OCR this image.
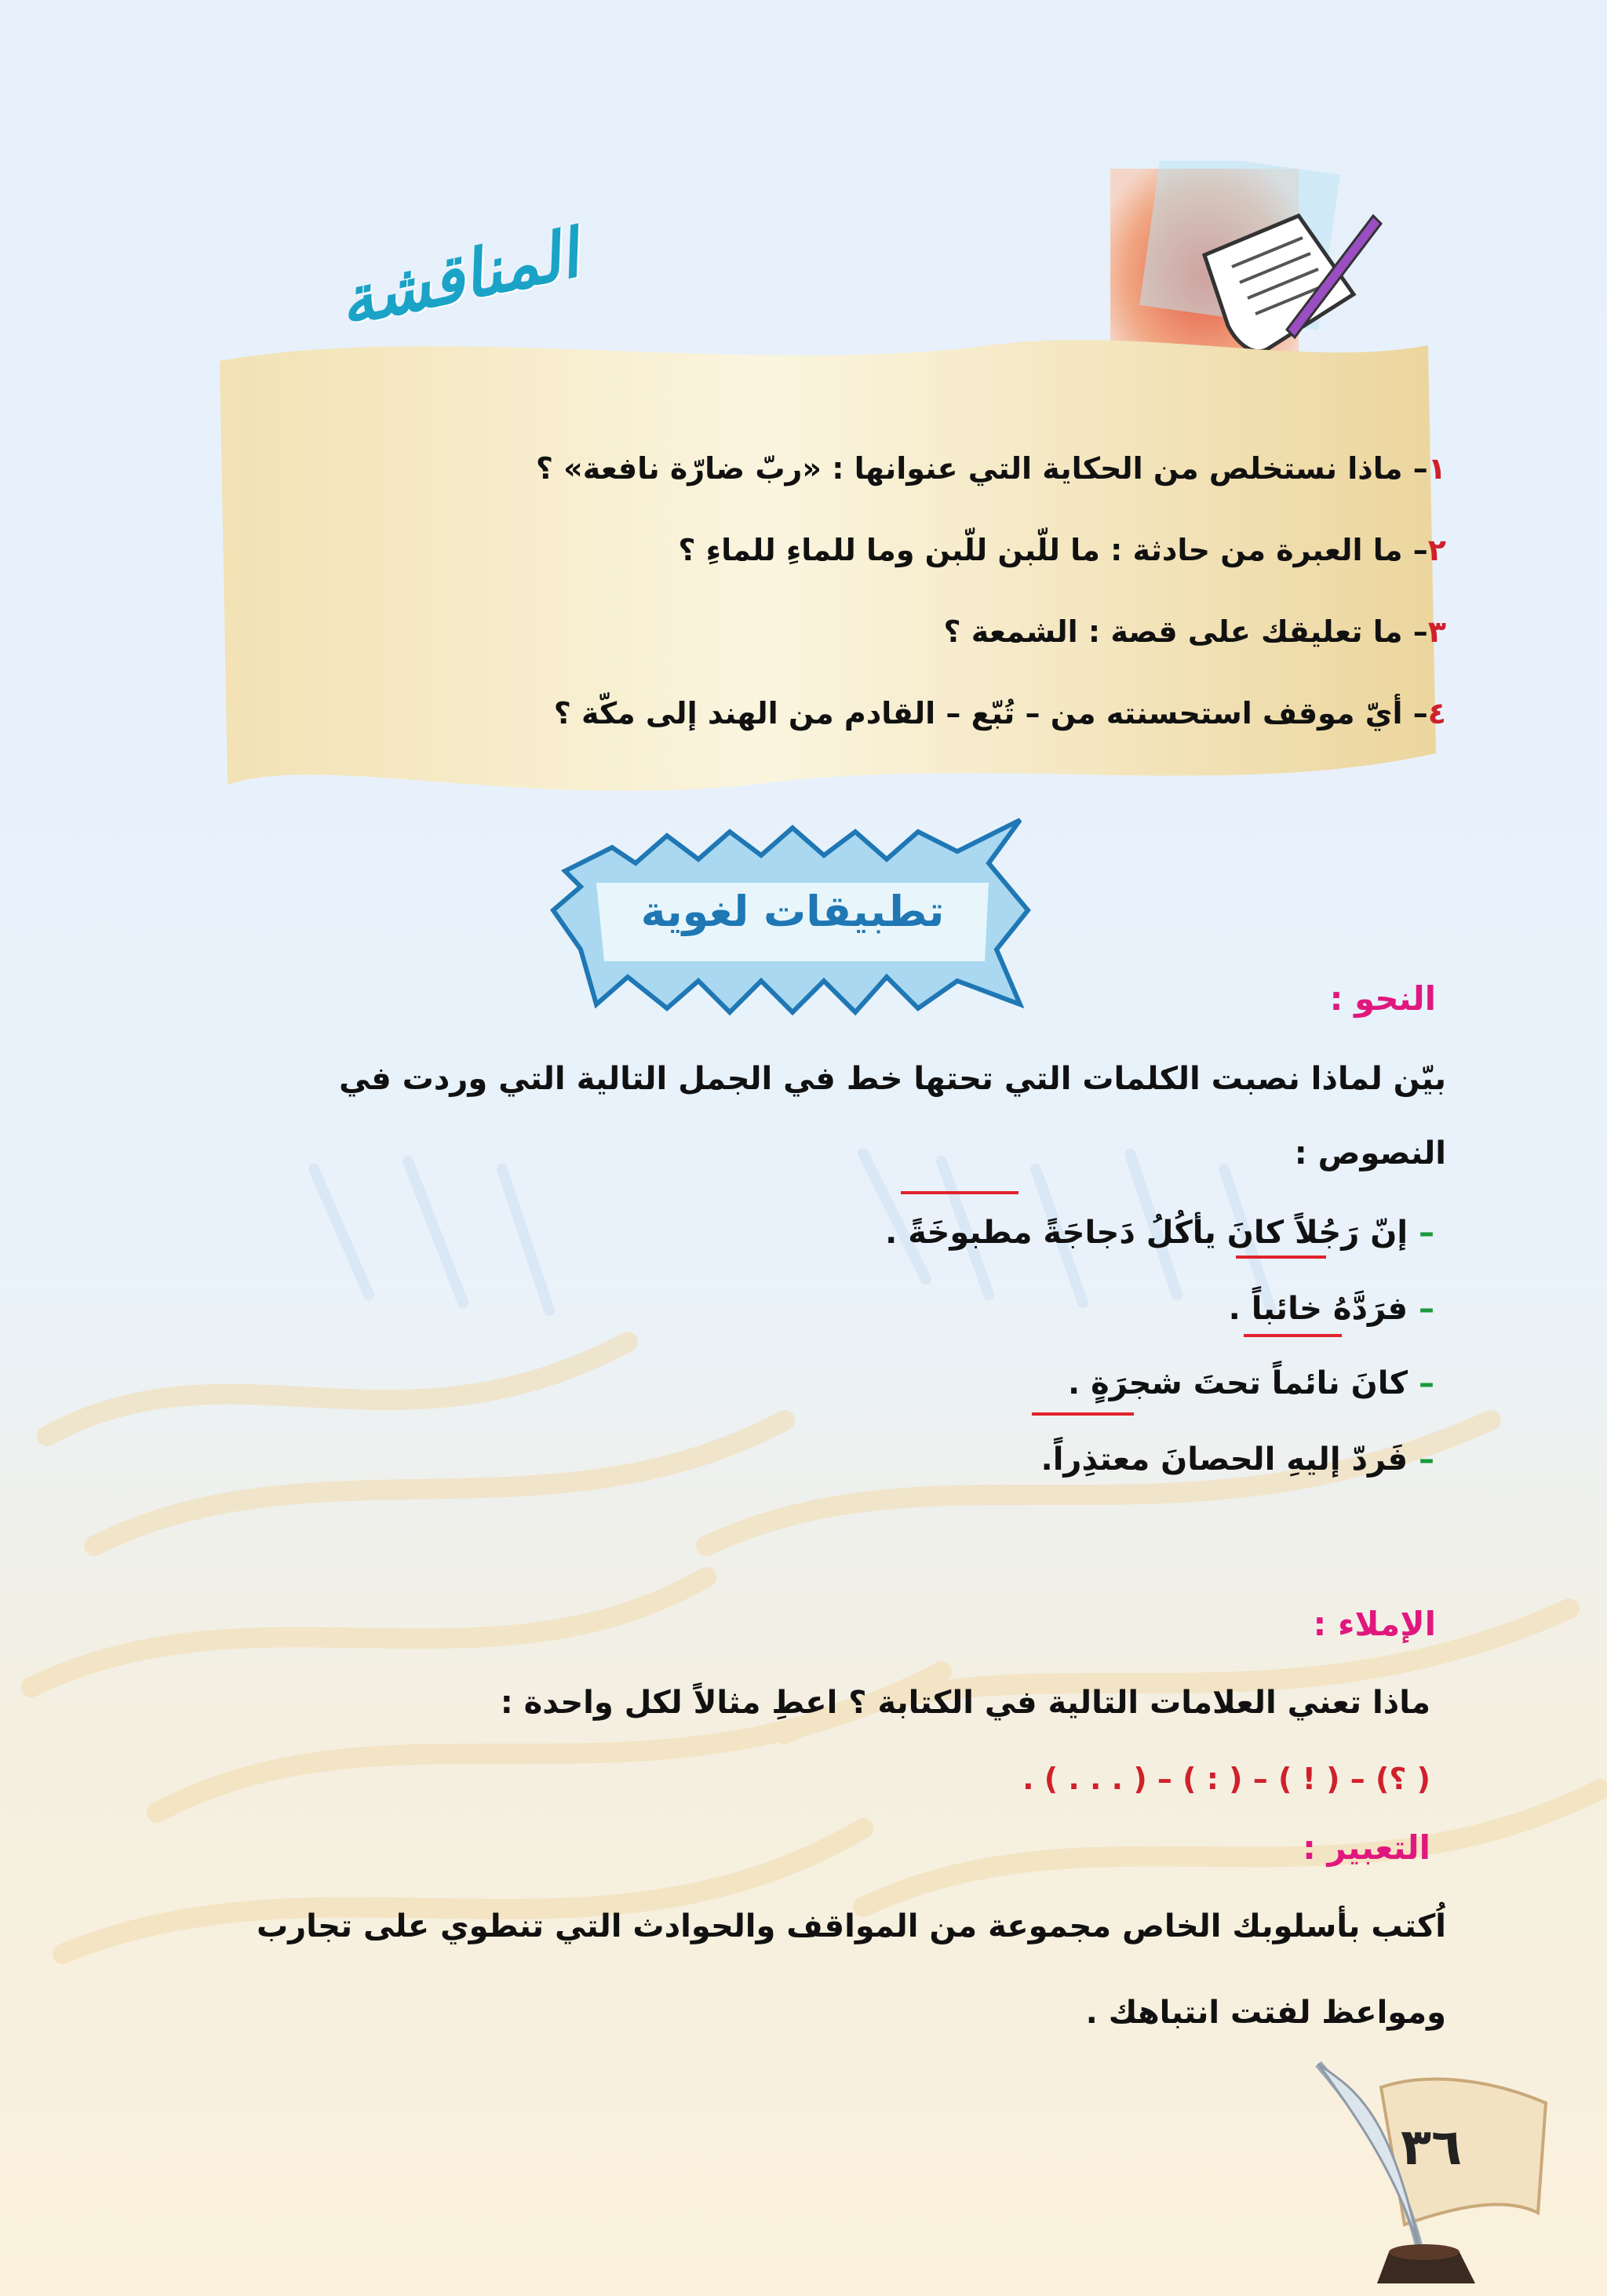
المناقشة
١– ماذا نستخلص من الحكاية التي عنوانها : «ربّ ضارّة نافعة» ؟
٢– ما العبرة من حادثة : ما للّبن للّبن وما للماءِ للماءِ ؟
٣– ما تعليقك على قصة : الشمعة ؟
٤– أيّ موقف استحسنته من – تُبّع – القادم من الهند إلى مكّة ؟
تطبيقات لغوية
النحو :
بيّن لماذا نصبت الكلمات التي تحتها خط في الجمل التالية التي وردت في
النصوص :
– إنّ رَجُلاً كانَ يأكُلُ دَجاجَةً مطبوخَةً .
– فرَدَّهُ خائباً .
– كانَ نائماً تحتَ شجرَةٍ .
– فَردّ إليهِ الحصانَ معتذِراً.
الإملاء :
ماذا تعني العلامات التالية في الكتابة ؟ اعطِ مثالاً لكل واحدة :
( ؟) – ( ! ) – ( : ) – ( . . . ) .
التعبير :
اُكتب بأسلوبك الخاص مجموعة من المواقف والحوادث التي تنطوي على تجارب
ومواعظ لفتت انتباهك .
٣٦
